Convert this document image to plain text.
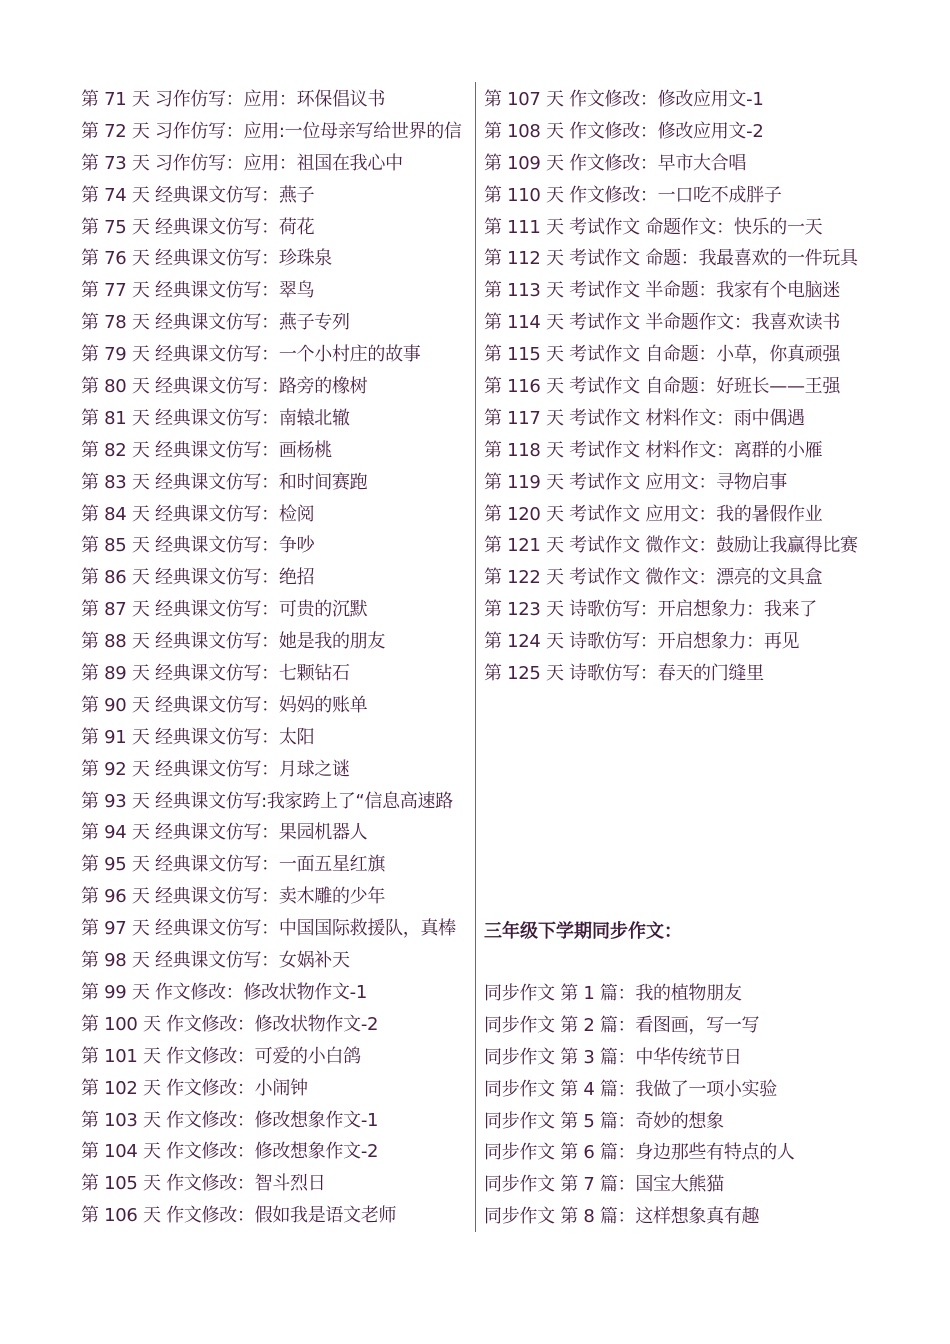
第 71 天 习作仿写：应用：环保倡议书
第 72 天 习作仿写：应用:一位母亲写给世界的信
第 73 天 习作仿写：应用：祖国在我心中
第 74 天 经典课文仿写：燕子
第 75 天 经典课文仿写：荷花
第 76 天 经典课文仿写：珍珠泉
第 77 天 经典课文仿写：翠鸟
第 78 天 经典课文仿写：燕子专列
第 79 天 经典课文仿写：一个小村庄的故事
第 80 天 经典课文仿写：路旁的橡树
第 81 天 经典课文仿写：南辕北辙
第 82 天 经典课文仿写：画杨桃
第 83 天 经典课文仿写：和时间赛跑
第 84 天 经典课文仿写：检阅
第 85 天 经典课文仿写：争吵
第 86 天 经典课文仿写：绝招
第 87 天 经典课文仿写：可贵的沉默
第 88 天 经典课文仿写：她是我的朋友
第 89 天 经典课文仿写：七颗钻石
第 90 天 经典课文仿写：妈妈的账单
第 91 天 经典课文仿写：太阳
第 92 天 经典课文仿写：月球之谜
第 93 天 经典课文仿写:我家跨上了“信息高速路
第 94 天 经典课文仿写：果园机器人
第 95 天 经典课文仿写：一面五星红旗
第 96 天 经典课文仿写：卖木雕的少年
第 97 天 经典课文仿写：中国国际救援队，真棒
第 98 天 经典课文仿写：女娲补天
第 99 天 作文修改：修改状物作文-1
第 100 天 作文修改：修改状物作文-2
第 101 天 作文修改：可爱的小白鸽
第 102 天 作文修改：小闹钟
第 103 天 作文修改：修改想象作文-1
第 104 天 作文修改：修改想象作文-2
第 105 天 作文修改：智斗烈日
第 106 天 作文修改：假如我是语文老师
第 107 天 作文修改：修改应用文-1
第 108 天 作文修改：修改应用文-2
第 109 天 作文修改：早市大合唱
第 110 天 作文修改：一口吃不成胖子
第 111 天 考试作文 命题作文：快乐的一天
第 112 天 考试作文 命题：我最喜欢的一件玩具
第 113 天 考试作文 半命题：我家有个电脑迷
第 114 天 考试作文 半命题作文：我喜欢读书
第 115 天 考试作文 自命题：小草，你真顽强
第 116 天 考试作文 自命题：好班长——王强
第 117 天 考试作文 材料作文：雨中偶遇
第 118 天 考试作文 材料作文：离群的小雁
第 119 天 考试作文 应用文：寻物启事
第 120 天 考试作文 应用文：我的暑假作业
第 121 天 考试作文 微作文：鼓励让我赢得比赛
第 122 天 考试作文 微作文：漂亮的文具盒
第 123 天 诗歌仿写：开启想象力：我来了
第 124 天 诗歌仿写：开启想象力：再见
第 125 天 诗歌仿写：春天的门缝里
三年级下学期同步作文：
同步作文 第 1 篇：我的植物朋友
同步作文 第 2 篇：看图画，写一写
同步作文 第 3 篇：中华传统节日
同步作文 第 4 篇：我做了一项小实验
同步作文 第 5 篇：奇妙的想象
同步作文 第 6 篇：身边那些有特点的人
同步作文 第 7 篇：国宝大熊猫
同步作文 第 8 篇：这样想象真有趣
